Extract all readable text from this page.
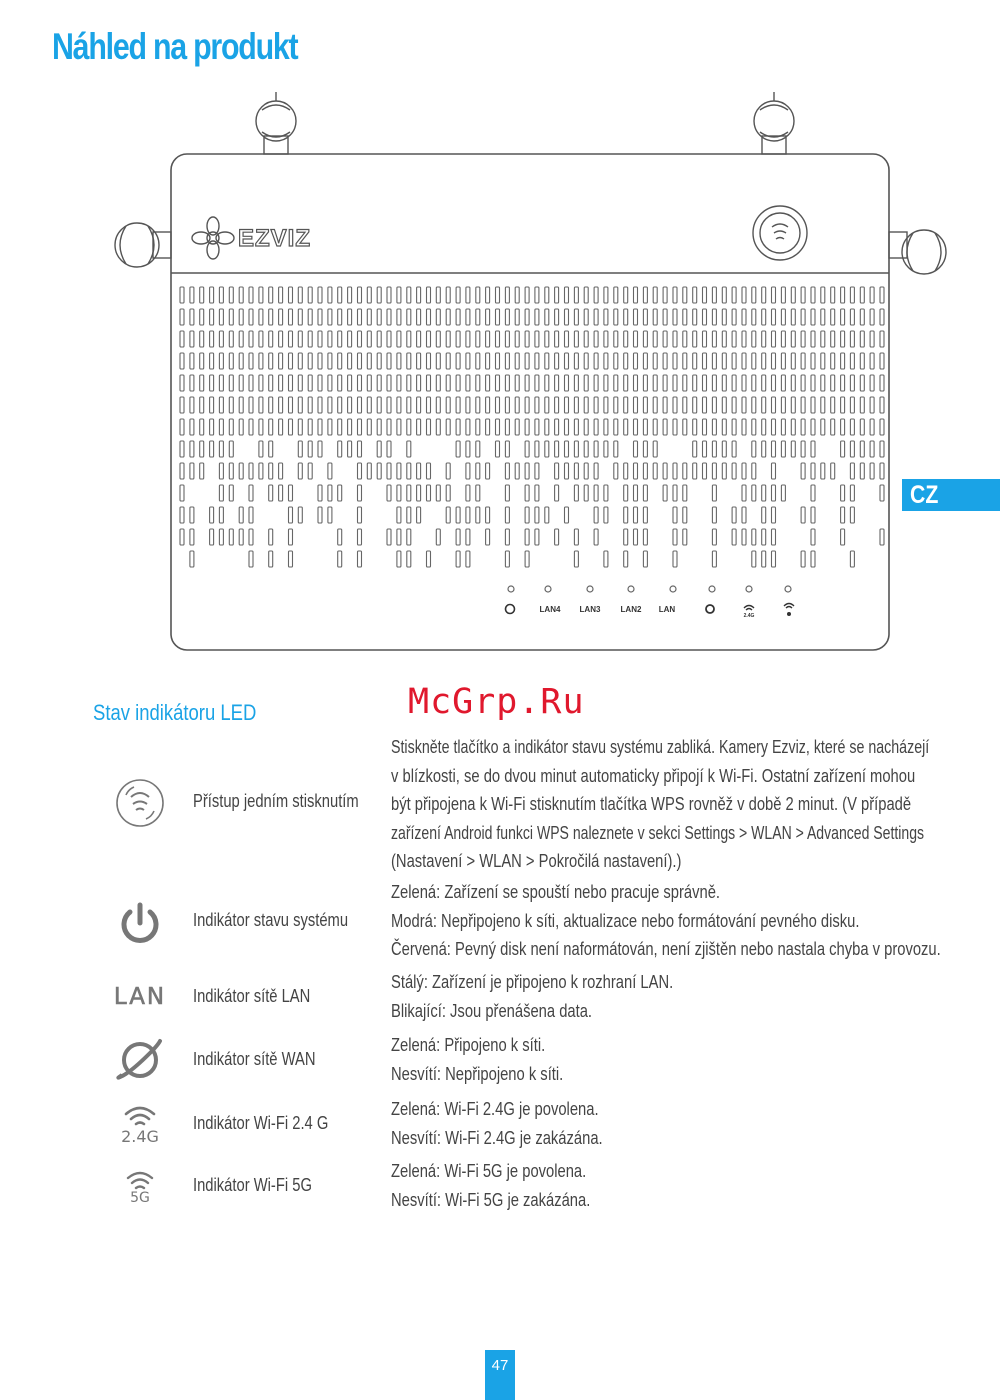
Náhled na produkt
EZVIZ
LAN4 LAN3	LAN2 LAN
2.4G
CZ
McGrp.Ru
Stav indikátoru LED
Přístup jedním stisknutím
Stiskněte tlačítko a indikátor stavu systému zabliká. Kamery Ezviz, které se nacházejí
v blízkosti, se do dvou minut automaticky připojí k Wi-Fi. Ostatní zařízení mohou
být připojena k Wi-Fi stisknutím tlačítka WPS rovněž v době 2 minut. (V případě
zařízení Android funkci WPS naleznete v sekci Settings > WLAN > Advanced Settings
(Nastavení > WLAN > Pokročilá nastavení).)
Indikátor stavu systému
Zelená: Zařízení se spouští nebo pracuje správně.
Modrá: Nepřipojeno k síti, aktualizace nebo formátování pevného disku.
Červená: Pevný disk není naformátován, není zjištěn nebo nastala chyba v provozu.
LAN Indikátor sítě LAN
Stálý: Zařízení je připojeno k rozhraní LAN.
Blikající: Jsou přenášena data.
Indikátor sítě WAN
Zelená: Připojeno k síti.
Nesvítí: Nepřipojeno k síti.
2.4G
Indikátor Wi-Fi 2.4 G
Zelená: Wi-Fi 2.4G je povolena.
Nesvítí: Wi-Fi 2.4G je zakázána.
5G
Indikátor Wi-Fi 5G
Zelená: Wi-Fi 5G je povolena.
Nesvítí: Wi-Fi 5G je zakázána.
47
